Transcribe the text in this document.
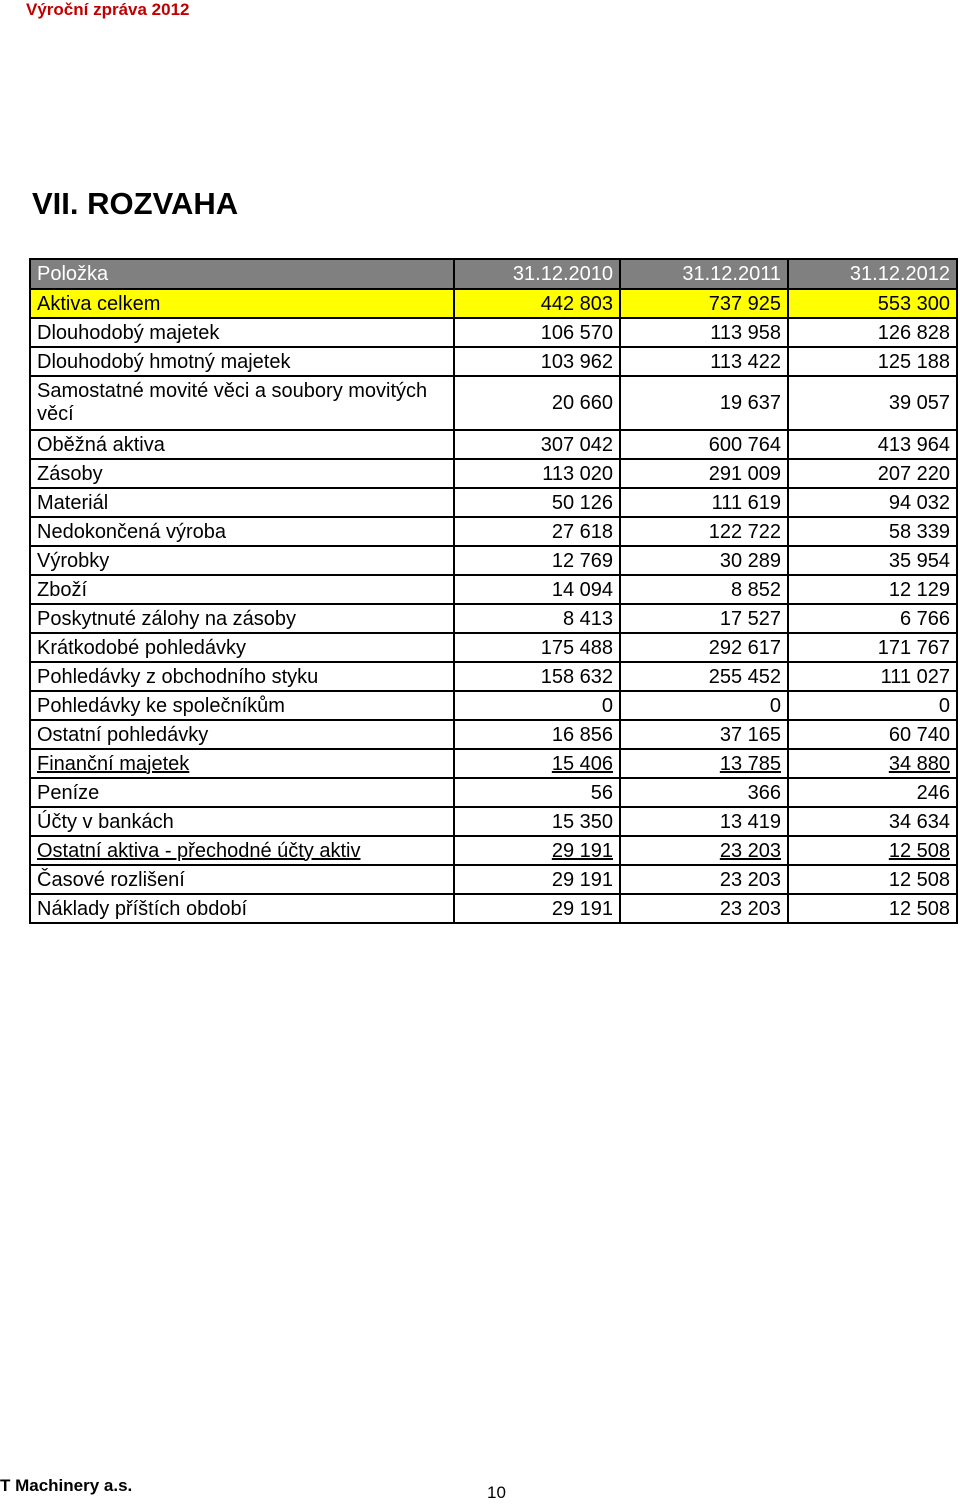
Výroční zpráva 2012
VII. ROZVAHA
Položka	31.12.2010	31.12.2011	31.12.2012
Aktiva celkem	442 803	737 925	553 300
Dlouhodobý majetek	106 570	113 958	126 828
Dlouhodobý hmotný majetek	103 962	113 422	125 188
Samostatné movité věci a soubory movitých věcí	20 660	19 637	39 057
Oběžná aktiva	307 042	600 764	413 964
Zásoby	113 020	291 009	207 220
Materiál	50 126	111 619	94 032
Nedokončená výroba	27 618	122 722	58 339
Výrobky	12 769	30 289	35 954
Zboží	14 094	8 852	12 129
Poskytnuté zálohy na zásoby	8 413	17 527	6 766
Krátkodobé pohledávky	175 488	292 617	171 767
Pohledávky z obchodního styku	158 632	255 452	111 027
Pohledávky ke společníkům	0	0	0
Ostatní pohledávky	16 856	37 165	60 740
Finanční majetek	15 406	13 785	34 880
Peníze	56	366	246
Účty v bankách	15 350	13 419	34 634
Ostatní aktiva - přechodné účty aktiv	29 191	23 203	12 508
Časové rozlišení	29 191	23 203	12 508
Náklady příštích období	29 191	23 203	12 508
T Machinery a.s.	10
